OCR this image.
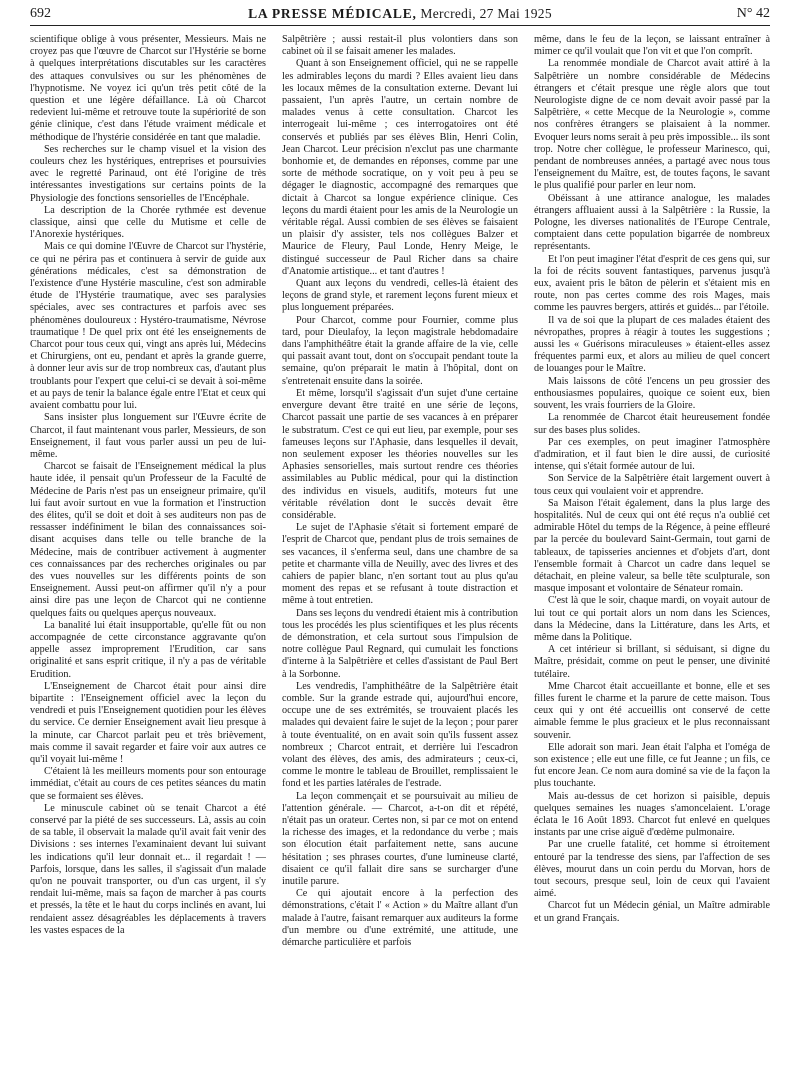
692	LA PRESSE MÉDICALE, Mercredi, 27 Mai 1925	N° 42

scientifique oblige à vous présenter, Messieurs. Mais ne croyez pas que l'œuvre de Charcot sur l'Hystérie se borne à quelques interprétations discutables sur les caractères des attaques convulsives ou sur les phénomènes de l'hypnotisme. Ne voyez ici qu'un très petit côté de la question et une légère défaillance. Là où Charcot redevient lui-même et retrouve toute la supériorité de son génie clinique, c'est dans l'étude vraiment médicale et méthodique de l'hystérie considérée en tant que maladie.

Ses recherches sur le champ visuel et la vision des couleurs chez les hystériques, entreprises et poursuivies avec le regretté Parinaud, ont été l'origine de très intéressantes investigations sur certains points de la Physiologie des fonctions sensorielles de l'Encéphale.

La description de la Chorée rythmée est devenue classique, ainsi que celle du Mutisme et celle de l'Anorexie hystériques.

Mais ce qui domine l'Œuvre de Charcot sur l'hystérie, ce qui ne périra pas et continuera à servir de guide aux générations médicales, c'est sa démonstration de l'existence d'une Hystérie masculine, c'est son admirable étude de l'Hystérie traumatique, avec ses paralysies spéciales, avec ses contractures et parfois avec ses phénomènes douloureux : Hystéro-traumatisme, Névrose traumatique ! De quel prix ont été les enseignements de Charcot pour tous ceux qui, vingt ans après lui, Médecins et Chirurgiens, ont eu, pendant et après la grande guerre, à donner leur avis sur de trop nombreux cas, d'autant plus troublants pour l'expert que celui-ci se devait à soi-même et au pays de tenir la balance égale entre l'Etat et ceux qui avaient combattu pour lui.

Sans insister plus longuement sur l'Œuvre écrite de Charcot, il faut maintenant vous parler, Messieurs, de son Enseignement, il faut vous parler aussi un peu de lui-même.

Charcot se faisait de l'Enseignement médical la plus haute idée, il pensait qu'un Professeur de la Faculté de Médecine de Paris n'est pas un enseigneur primaire, qu'il lui faut avoir surtout en vue la formation et l'instruction des élites, qu'il se doit et doit à ses auditeurs non pas de ressasser indéfiniment le bilan des connaissances soi-disant acquises dans telle ou telle branche de la Médecine, mais de contribuer activement à augmenter ces connaissances par des recherches originales ou par des vues nouvelles sur les différents points de son Enseignement. Aussi peut-on affirmer qu'il n'y a pour ainsi dire pas une leçon de Charcot qui ne contienne quelques faits ou quelques aperçus nouveaux.

La banalité lui était insupportable, qu'elle fût ou non accompagnée de cette circonstance aggravante qu'on appelle assez improprement l'Erudition, car sans originalité et sans esprit critique, il n'y a pas de véritable Erudition.

L'Enseignement de Charcot était pour ainsi dire bipartite : l'Enseignement officiel avec la leçon du vendredi et puis l'Enseignement quotidien pour les élèves du service. Ce dernier Enseignement avait lieu presque à la minute, car Charcot parlait peu et très brièvement, mais comme il savait regarder et faire voir aux autres ce qu'il voyait lui-même !

C'étaient là les meilleurs moments pour son entourage immédiat, c'était au cours de ces petites séances du matin que se formaient ses élèves.

Le minuscule cabinet où se tenait Charcot a été conservé par la piété de ses successeurs. Là, assis au coin de sa table, il observait la malade qu'il avait fait venir des Divisions : ses internes l'examinaient devant lui suivant les indications qu'il leur donnait et... il regardait ! — Parfois, lorsque, dans les salles, il s'agissait d'un malade qu'on ne pouvait transporter, ou d'un cas urgent, il s'y rendait lui-même, mais sa façon de marcher à pas courts et pressés, la tête et le haut du corps inclinés en avant, lui rendaient assez désagréables les déplacements à travers les vastes espaces de la

Salpêtrière ; aussi restait-il plus volontiers dans son cabinet où il se faisait amener les malades.

Quant à son Enseignement officiel, qui ne se rappelle les admirables leçons du mardi ? Elles avaient lieu dans les locaux mêmes de la consultation externe. Devant lui passaient, l'un après l'autre, un certain nombre de malades venus à cette consultation. Charcot les interrogeait lui-même ; ces interrogatoires ont été conservés et publiés par ses élèves Blin, Henri Colin, Jean Charcot. Leur précision n'exclut pas une charmante bonhomie et, de demandes en réponses, comme par une sorte de méthode socratique, on y voit peu à peu se dégager le diagnostic, accompagné des remarques que dictait à Charcot sa longue expérience clinique. Ces leçons du mardi étaient pour les amis de la Neurologie un véritable régal. Aussi combien de ses élèves se faisaient un plaisir d'y assister, tels nos collègues Balzer et Maurice de Fleury, Paul Londe, Henry Meige, le distingué successeur de Paul Richer dans sa chaire d'Anatomie artistique... et tant d'autres !

Quant aux leçons du vendredi, celles-là étaient des leçons de grand style, et rarement leçons furent mieux et plus longuement préparées.

Pour Charcot, comme pour Fournier, comme plus tard, pour Dieulafoy, la leçon magistrale hebdomadaire dans l'amphithéâtre était la grande affaire de la vie, celle qui passait avant tout, dont on s'occupait pendant toute la semaine, qu'on préparait le matin à l'hôpital, dont on s'entretenait ensuite dans la soirée.

Et même, lorsqu'il s'agissait d'un sujet d'une certaine envergure devant être traité en une série de leçons, Charcot passait une partie de ses vacances à en préparer le substratum. C'est ce qui eut lieu, par exemple, pour ses fameuses leçons sur l'Aphasie, dans lesquelles il devait, non seulement exposer les théories nouvelles sur les Aphasies sensorielles, mais surtout rendre ces théories assimilables au Public médical, pour qui la distinction des individus en visuels, auditifs, moteurs fut une véritable révélation dont le succès devait être considérable.

Le sujet de l'Aphasie s'était si fortement emparé de l'esprit de Charcot que, pendant plus de trois semaines de ses vacances, il s'enferma seul, dans une chambre de sa petite et charmante villa de Neuilly, avec des livres et des cahiers de papier blanc, n'en sortant tout au plus qu'au moment des repas et se refusant à toute distraction et même à tout entretien.

Dans ses leçons du vendredi étaient mis à contribution tous les procédés les plus scientifiques et les plus récents de démonstration, et cela surtout sous l'impulsion de notre collègue Paul Regnard, qui cumulait les fonctions d'interne à la Salpêtrière et celles d'assistant de Paul Bert à la Sorbonne.

Les vendredis, l'amphithéâtre de la Salpêtrière était comble. Sur la grande estrade qui, aujourd'hui encore, occupe une de ses extrémités, se trouvaient placés les malades qui devaient faire le sujet de la leçon ; pour parer à toute éventualité, on en avait soin qu'ils fussent assez nombreux ; Charcot entrait, et derrière lui l'escadron volant des élèves, des amis, des admirateurs ; ceux-ci, comme le montre le tableau de Brouillet, remplissaient le fond et les parties latérales de l'estrade.

La leçon commençait et se poursuivait au milieu de l'attention générale. — Charcot, a-t-on dit et répété, n'était pas un orateur. Certes non, si par ce mot on entend la richesse des images, et la redondance du verbe ; mais son élocution était parfaitement nette, sans aucune hésitation ; ses phrases courtes, d'une lumineuse clarté, disaient ce qu'il fallait dire sans se surcharger d'une inutile parure.

Ce qui ajoutait encore à la perfection des démonstrations, c'était l' « Action » du Maître allant d'un malade à l'autre, faisant remarquer aux auditeurs la forme d'un membre ou d'une extrémité, une attitude, une démarche particulière et parfois

même, dans le feu de la leçon, se laissant entraîner à mimer ce qu'il voulait que l'on vit et que l'on comprît.

La renommée mondiale de Charcot avait attiré à la Salpêtrière un nombre considérable de Médecins étrangers et c'était presque une règle alors que tout Neurologiste digne de ce nom devait avoir passé par la Salpêtrière, « cette Mecque de la Neurologie », comme nos confrères étrangers se plaisaient à la nommer. Evoquer leurs noms serait à peu près impossible... ils sont trop. Notre cher collègue, le professeur Marinesco, qui, pendant de nombreuses années, a partagé avec nous tous l'enseignement du Maître, est, de toutes façons, le savant le plus qualifié pour parler en leur nom.

Obéissant à une attirance analogue, les malades étrangers affluaient aussi à la Salpêtrière : la Russie, la Pologne, les diverses nationalités de l'Europe Centrale, comptaient dans cette population bigarrée de nombreux représentants.

Et l'on peut imaginer l'état d'esprit de ces gens qui, sur la foi de récits souvent fantastiques, parvenus jusqu'à eux, avaient pris le bâton de pèlerin et s'étaient mis en route, non pas certes comme des rois Mages, mais comme les pauvres bergers, attirés et guidés... par l'étoile.

Il va de soi que la plupart de ces malades étaient des névropathes, propres à réagir à toutes les suggestions ; aussi les « Guérisons miraculeuses » étaient-elles assez fréquentes parmi eux, et alors au milieu de quel concert de louanges pour le Maître.

Mais laissons de côté l'encens un peu grossier des enthousiasmes populaires, quoique ce soient eux, bien souvent, les vrais fourriers de la Gloire.

La renommée de Charcot était heureusement fondée sur des bases plus solides.

Par ces exemples, on peut imaginer l'atmosphère d'admiration, et il faut bien le dire aussi, de curiosité intense, qui s'était formée autour de lui.

Son Service de la Salpêtrière était largement ouvert à tous ceux qui voulaient voir et apprendre.

Sa Maison l'était également, dans la plus large des hospitalités. Nul de ceux qui ont été reçus n'a oublié cet admirable Hôtel du temps de la Régence, à peine effleuré par la percée du boulevard Saint-Germain, tout garni de tableaux, de tapisseries anciennes et d'objets d'art, dont l'ensemble formait à Charcot un cadre dans lequel se détachait, en pleine valeur, sa belle tête sculpturale, son masque imposant et volontaire de Sénateur romain.

C'est là que le soir, chaque mardi, on voyait autour de lui tout ce qui portait alors un nom dans les Sciences, dans la Médecine, dans la Littérature, dans les Arts, et même dans la Politique.

A cet intérieur si brillant, si séduisant, si digne du Maître, présidait, comme on peut le penser, une divinité tutélaire.

Mme Charcot était accueillante et bonne, elle et ses filles furent le charme et la parure de cette maison. Tous ceux qui y ont été accueillis ont conservé de cette aimable femme le plus gracieux et le plus reconnaissant souvenir.

Elle adorait son mari. Jean était l'alpha et l'oméga de son existence ; elle eut une fille, ce fut Jeanne ; un fils, ce fut encore Jean. Ce nom aura dominé sa vie de la façon la plus touchante.

Mais au-dessus de cet horizon si paisible, depuis quelques semaines les nuages s'amoncelaient. L'orage éclata le 16 Août 1893. Charcot fut enlevé en quelques instants par une crise aiguë d'œdème pulmonaire.

Par une cruelle fatalité, cet homme si étroitement entouré par la tendresse des siens, par l'affection de ses élèves, mourut dans un coin perdu du Morvan, hors de tout secours, presque seul, loin de ceux qui l'avaient aimé.

Charcot fut un Médecin génial, un Maître admirable et un grand Français.
